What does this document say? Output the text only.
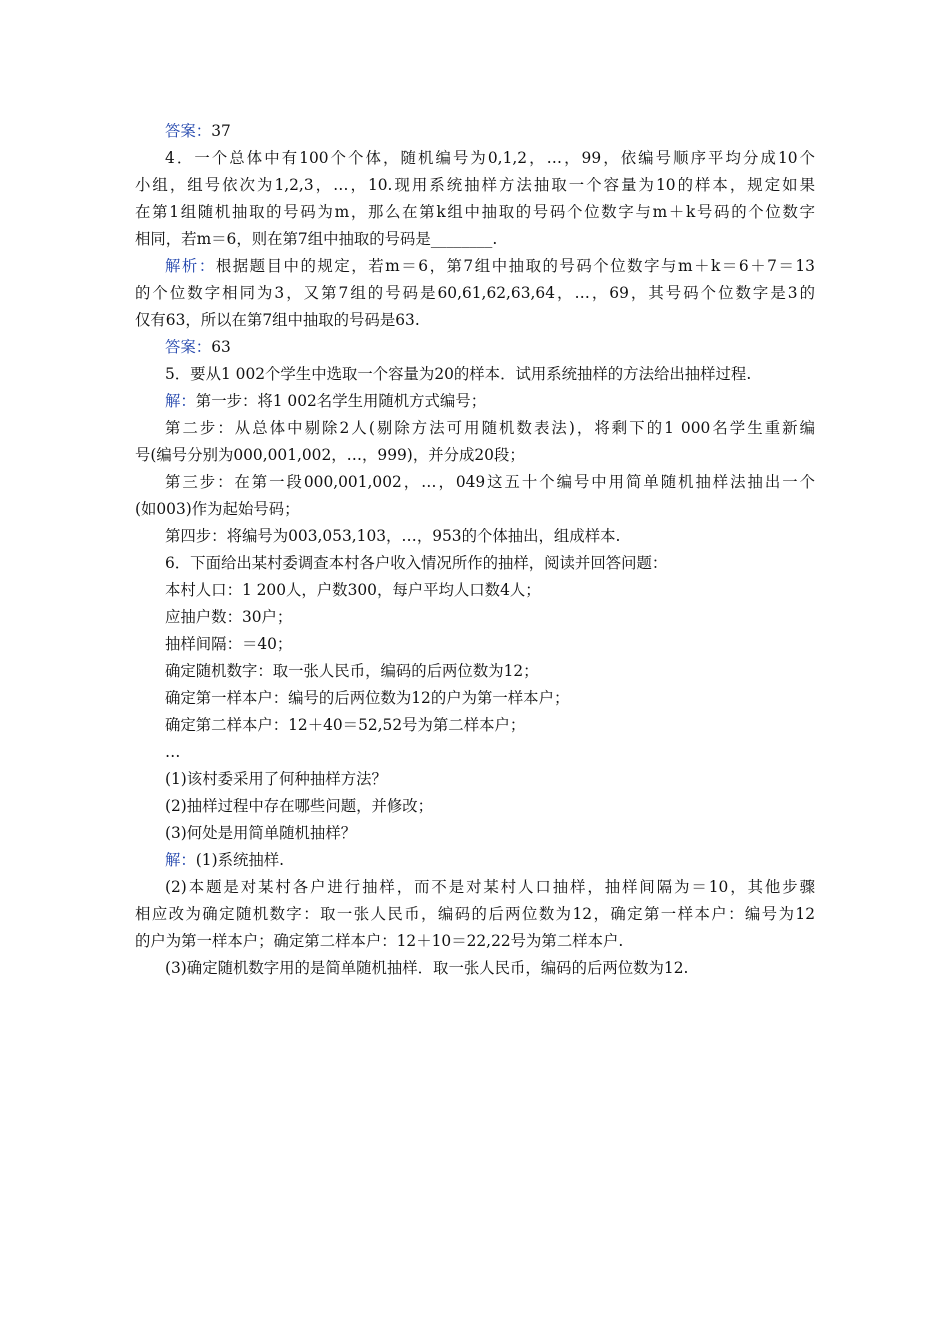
答案：37
4．一个总体中有100个个体，随机编号为0,1,2，…，99，依编号顺序平均分成10个
小组，组号依次为1,2,3，…，10.现用系统抽样方法抽取一个容量为10的样本，规定如果
在第1组随机抽取的号码为m，那么在第k组中抽取的号码个位数字与m＋k号码的个位数字
相同，若m＝6，则在第7组中抽取的号码是________.
解析：根据题目中的规定，若m＝6，第7组中抽取的号码个位数字与m＋k＝6＋7＝13
的个位数字相同为3，又第7组的号码是60,61,62,63,64，…，69，其号码个位数字是3的
仅有63，所以在第7组中抽取的号码是63.
答案：63
5．要从1 002个学生中选取一个容量为20的样本．试用系统抽样的方法给出抽样过程.
解：第一步：将1 002名学生用随机方式编号；
第二步：从总体中剔除2人(剔除方法可用随机数表法)，将剩下的1 000名学生重新编
号(编号分别为000,001,002，…，999)，并分成20段；
第三步：在第一段000,001,002，…，049这五十个编号中用简单随机抽样法抽出一个
(如003)作为起始号码；
第四步：将编号为003,053,103，…，953的个体抽出，组成样本.
6．下面给出某村委调查本村各户收入情况所作的抽样，阅读并回答问题：
本村人口：1 200人，户数300，每户平均人口数4人；
应抽户数：30户；
抽样间隔：＝40；
确定随机数字：取一张人民币，编码的后两位数为12；
确定第一样本户：编号的后两位数为12的户为第一样本户；
确定第二样本户：12＋40＝52,52号为第二样本户；
…
(1)该村委采用了何种抽样方法？
(2)抽样过程中存在哪些问题，并修改；
(3)何处是用简单随机抽样？
解：(1)系统抽样.
(2)本题是对某村各户进行抽样，而不是对某村人口抽样，抽样间隔为＝10，其他步骤
相应改为确定随机数字：取一张人民币，编码的后两位数为12，确定第一样本户：编号为12
的户为第一样本户；确定第二样本户：12＋10＝22,22号为第二样本户.
(3)确定随机数字用的是简单随机抽样．取一张人民币，编码的后两位数为12.
